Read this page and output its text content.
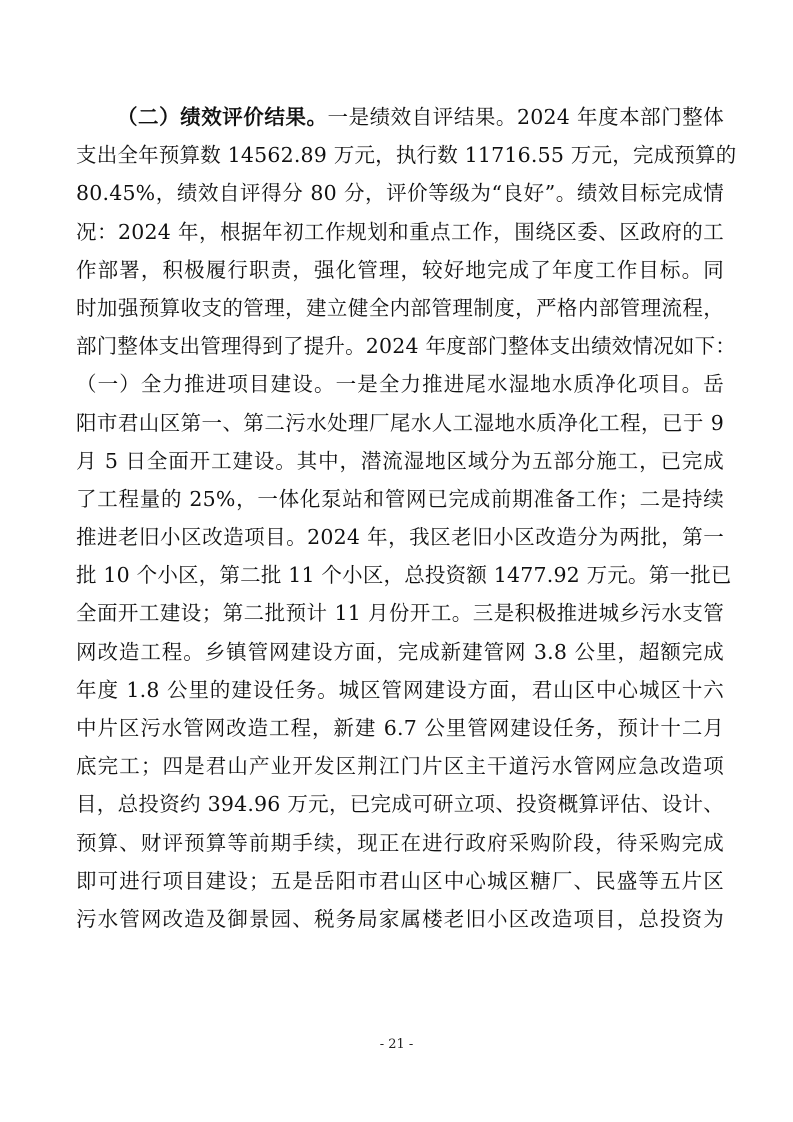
（二）绩效评价结果。一是绩效自评结果。2024 年度本部门整体
支出全年预算数 14562.89 万元，执行数 11716.55 万元，完成预算的
80.45%，绩效自评得分 80 分，评价等级为“良好”。绩效目标完成情
况：2024 年，根据年初工作规划和重点工作，围绕区委、区政府的工
作部署，积极履行职责，强化管理，较好地完成了年度工作目标。同
时加强预算收支的管理，建立健全内部管理制度，严格内部管理流程，
部门整体支出管理得到了提升。2024 年度部门整体支出绩效情况如下：
（一）全力推进项目建设。一是全力推进尾水湿地水质净化项目。岳
阳市君山区第一、第二污水处理厂尾水人工湿地水质净化工程，已于 9
月 5 日全面开工建设。其中，潜流湿地区域分为五部分施工，已完成
了工程量的 25%，一体化泵站和管网已完成前期准备工作；二是持续
推进老旧小区改造项目。2024 年，我区老旧小区改造分为两批，第一
批 10 个小区，第二批 11 个小区，总投资额 1477.92 万元。第一批已
全面开工建设；第二批预计 11 月份开工。三是积极推进城乡污水支管
网改造工程。乡镇管网建设方面，完成新建管网 3.8 公里，超额完成
年度 1.8 公里的建设任务。城区管网建设方面，君山区中心城区十六
中片区污水管网改造工程，新建 6.7 公里管网建设任务，预计十二月
底完工；四是君山产业开发区荆江门片区主干道污水管网应急改造项
目，总投资约 394.96 万元，已完成可研立项、投资概算评估、设计、
预算、财评预算等前期手续，现正在进行政府采购阶段，待采购完成
即可进行项目建设；五是岳阳市君山区中心城区糖厂、民盛等五片区
污水管网改造及御景园、税务局家属楼老旧小区改造项目，总投资为
- 21 -
